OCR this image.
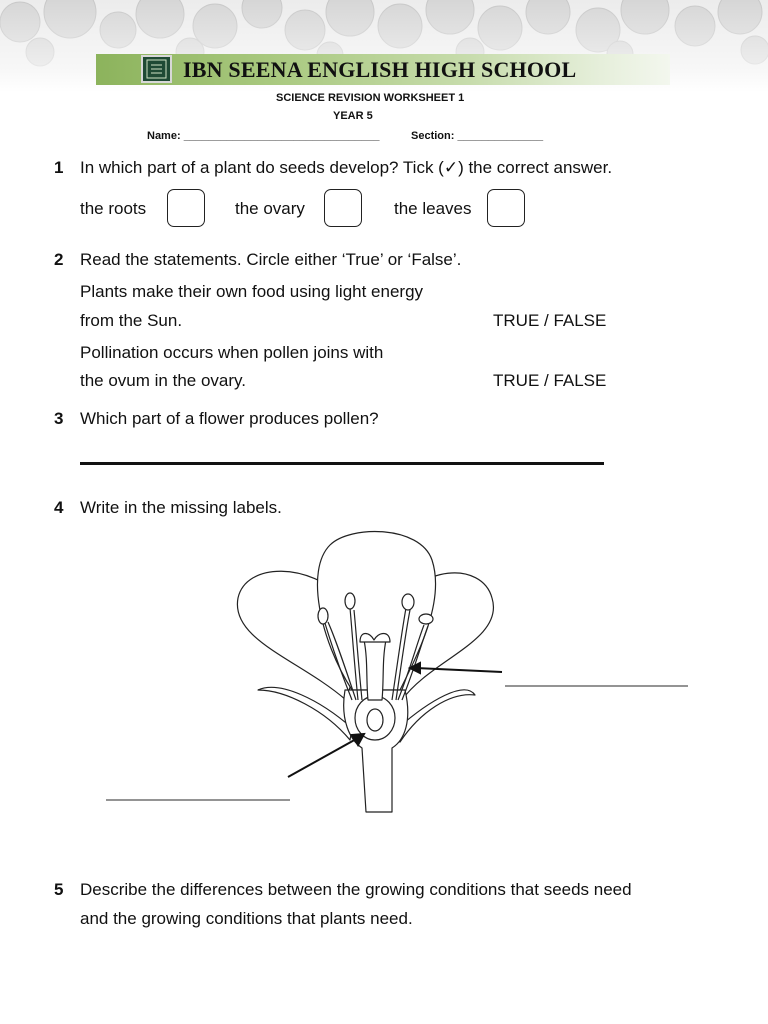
IBN SEENA ENGLISH HIGH SCHOOL
SCIENCE REVISION WORKSHEET 1
YEAR 5
Name: ________________________________	Section: ______________
1 In which part of a plant do seeds develop? Tick (✓) the correct answer.
the roots	the ovary	the leaves
2 Read the statements. Circle either ‘True’ or ‘False’.
Plants make their own food using light energy
from the Sun.	TRUE / FALSE
Pollination occurs when pollen joins with
the ovum in the ovary.	TRUE / FALSE
3 Which part of a flower produces pollen?
4 Write in the missing labels.
5 Describe the differences between the growing conditions that seeds need
and the growing conditions that plants need.
